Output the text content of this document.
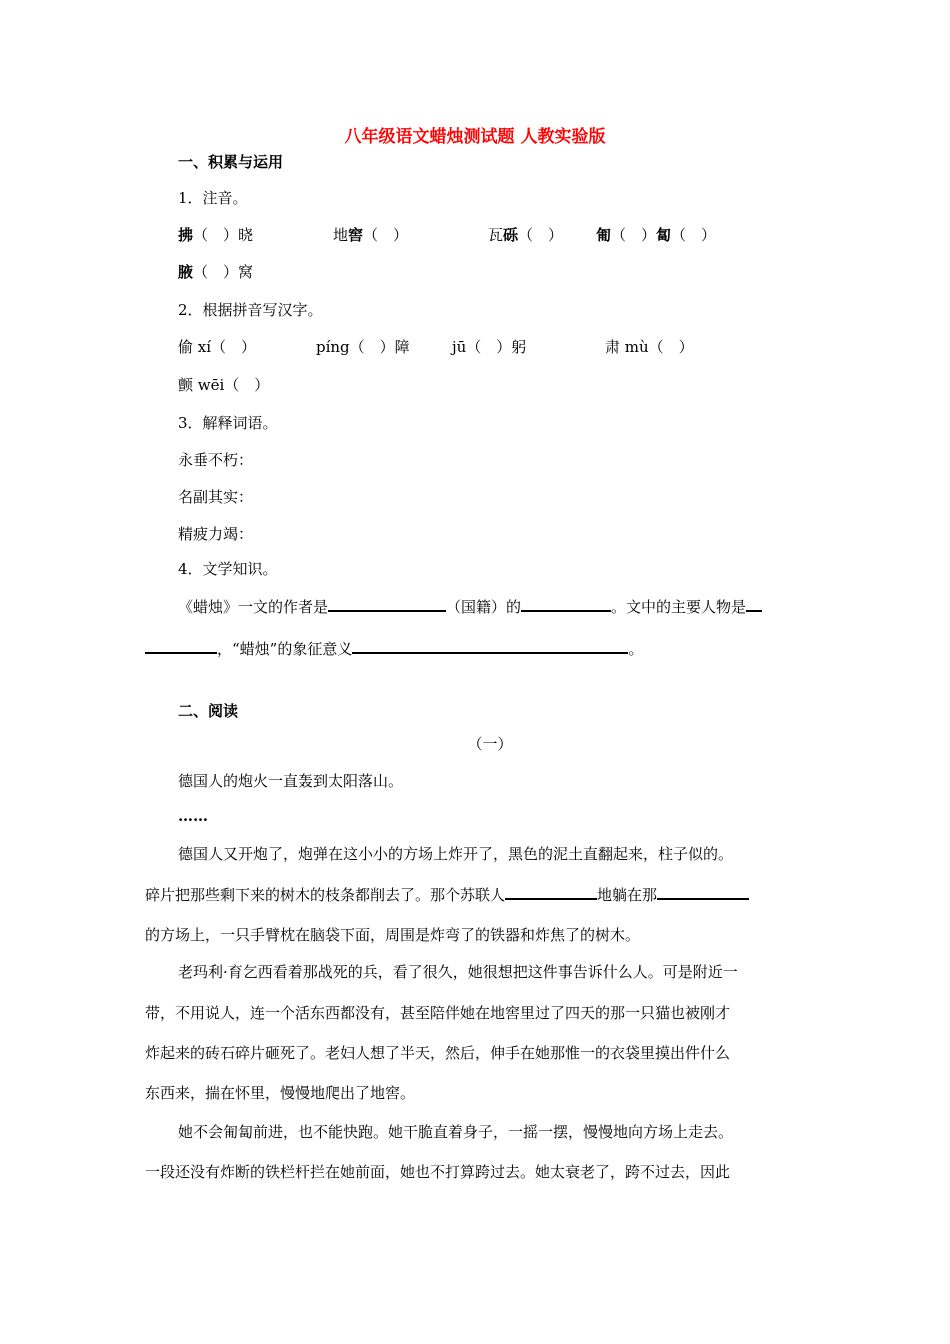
八年级语文蜡烛测试题 人教实验版
一、积累与运用
1．注音。
拂（　）晓	地窖（　）	瓦砾（　） 匍（　）匐（　）
腋（　）窝
2．根据拼音写汉字。
偷 xí（　）	píng（　）障	jū（　）躬	肃 mù（　）
颤 wēi（　）
3．解释词语。
永垂不朽：
名副其实：
精疲力竭：
4．文学知识。
《蜡烛》一文的作者是	（国籍）的	。文中的主要人物是
，“蜡烛”的象征意义	。
二、阅读
（一）
德国人的炮火一直轰到太阳落山。
……
德国人又开炮了，炮弹在这小小的方场上炸开了，黑色的泥土直翻起来，柱子似的。
碎片把那些剩下来的树木的枝条都削去了。那个苏联人	地躺在那
的方场上，一只手臂枕在脑袋下面，周围是炸弯了的铁器和炸焦了的树木。
老玛利·育乞西看着那战死的兵，看了很久，她很想把这件事告诉什么人。可是附近一
带，不用说人，连一个活东西都没有，甚至陪伴她在地窖里过了四天的那一只猫也被刚才
炸起来的砖石碎片砸死了。老妇人想了半天，然后，伸手在她那惟一的衣袋里摸出件什么
东西来，揣在怀里，慢慢地爬出了地窖。
她不会匍匐前进，也不能快跑。她干脆直着身子，一摇一摆，慢慢地向方场上走去。
一段还没有炸断的铁栏杆拦在她前面，她也不打算跨过去。她太衰老了，跨不过去，因此
